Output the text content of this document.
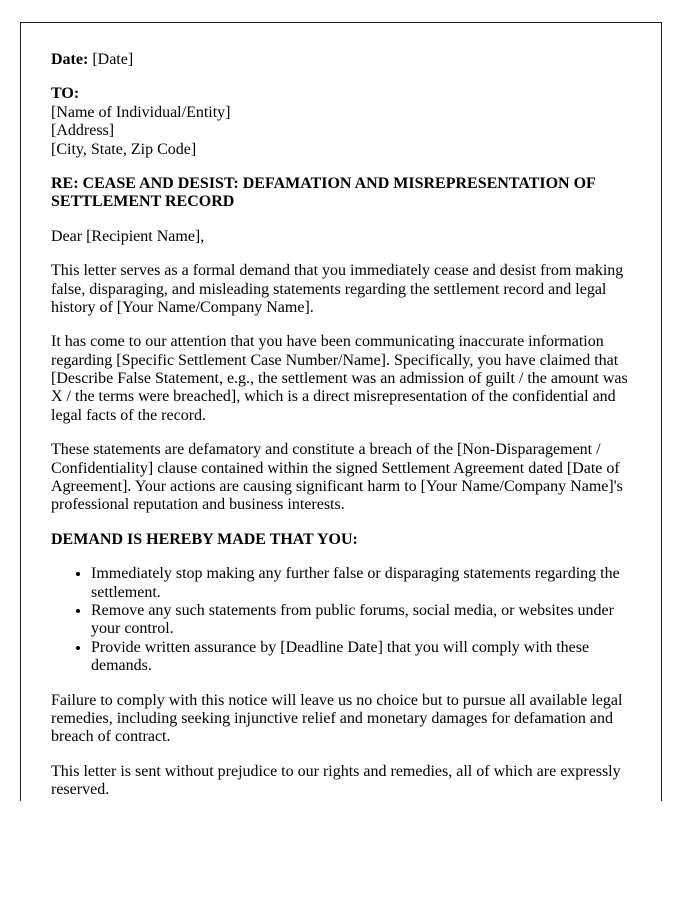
Date: [Date]

TO:
[Name of Individual/Entity]
[Address]
[City, State, Zip Code]

RE: CEASE AND DESIST: DEFAMATION AND MISREPRESENTATION OF SETTLEMENT RECORD

Dear [Recipient Name],

This letter serves as a formal demand that you immediately cease and desist from making false, disparaging, and misleading statements regarding the settlement record and legal history of [Your Name/Company Name].

It has come to our attention that you have been communicating inaccurate information regarding [Specific Settlement Case Number/Name]. Specifically, you have claimed that [Describe False Statement, e.g., the settlement was an admission of guilt / the amount was X / the terms were breached], which is a direct misrepresentation of the confidential and legal facts of the record.

These statements are defamatory and constitute a breach of the [Non-Disparagement / Confidentiality] clause contained within the signed Settlement Agreement dated [Date of Agreement]. Your actions are causing significant harm to [Your Name/Company Name]'s professional reputation and business interests.

DEMAND IS HEREBY MADE THAT YOU:

• Immediately stop making any further false or disparaging statements regarding the settlement.
• Remove any such statements from public forums, social media, or websites under your control.
• Provide written assurance by [Deadline Date] that you will comply with these demands.

Failure to comply with this notice will leave us no choice but to pursue all available legal remedies, including seeking injunctive relief and monetary damages for defamation and breach of contract.

This letter is sent without prejudice to our rights and remedies, all of which are expressly reserved.
